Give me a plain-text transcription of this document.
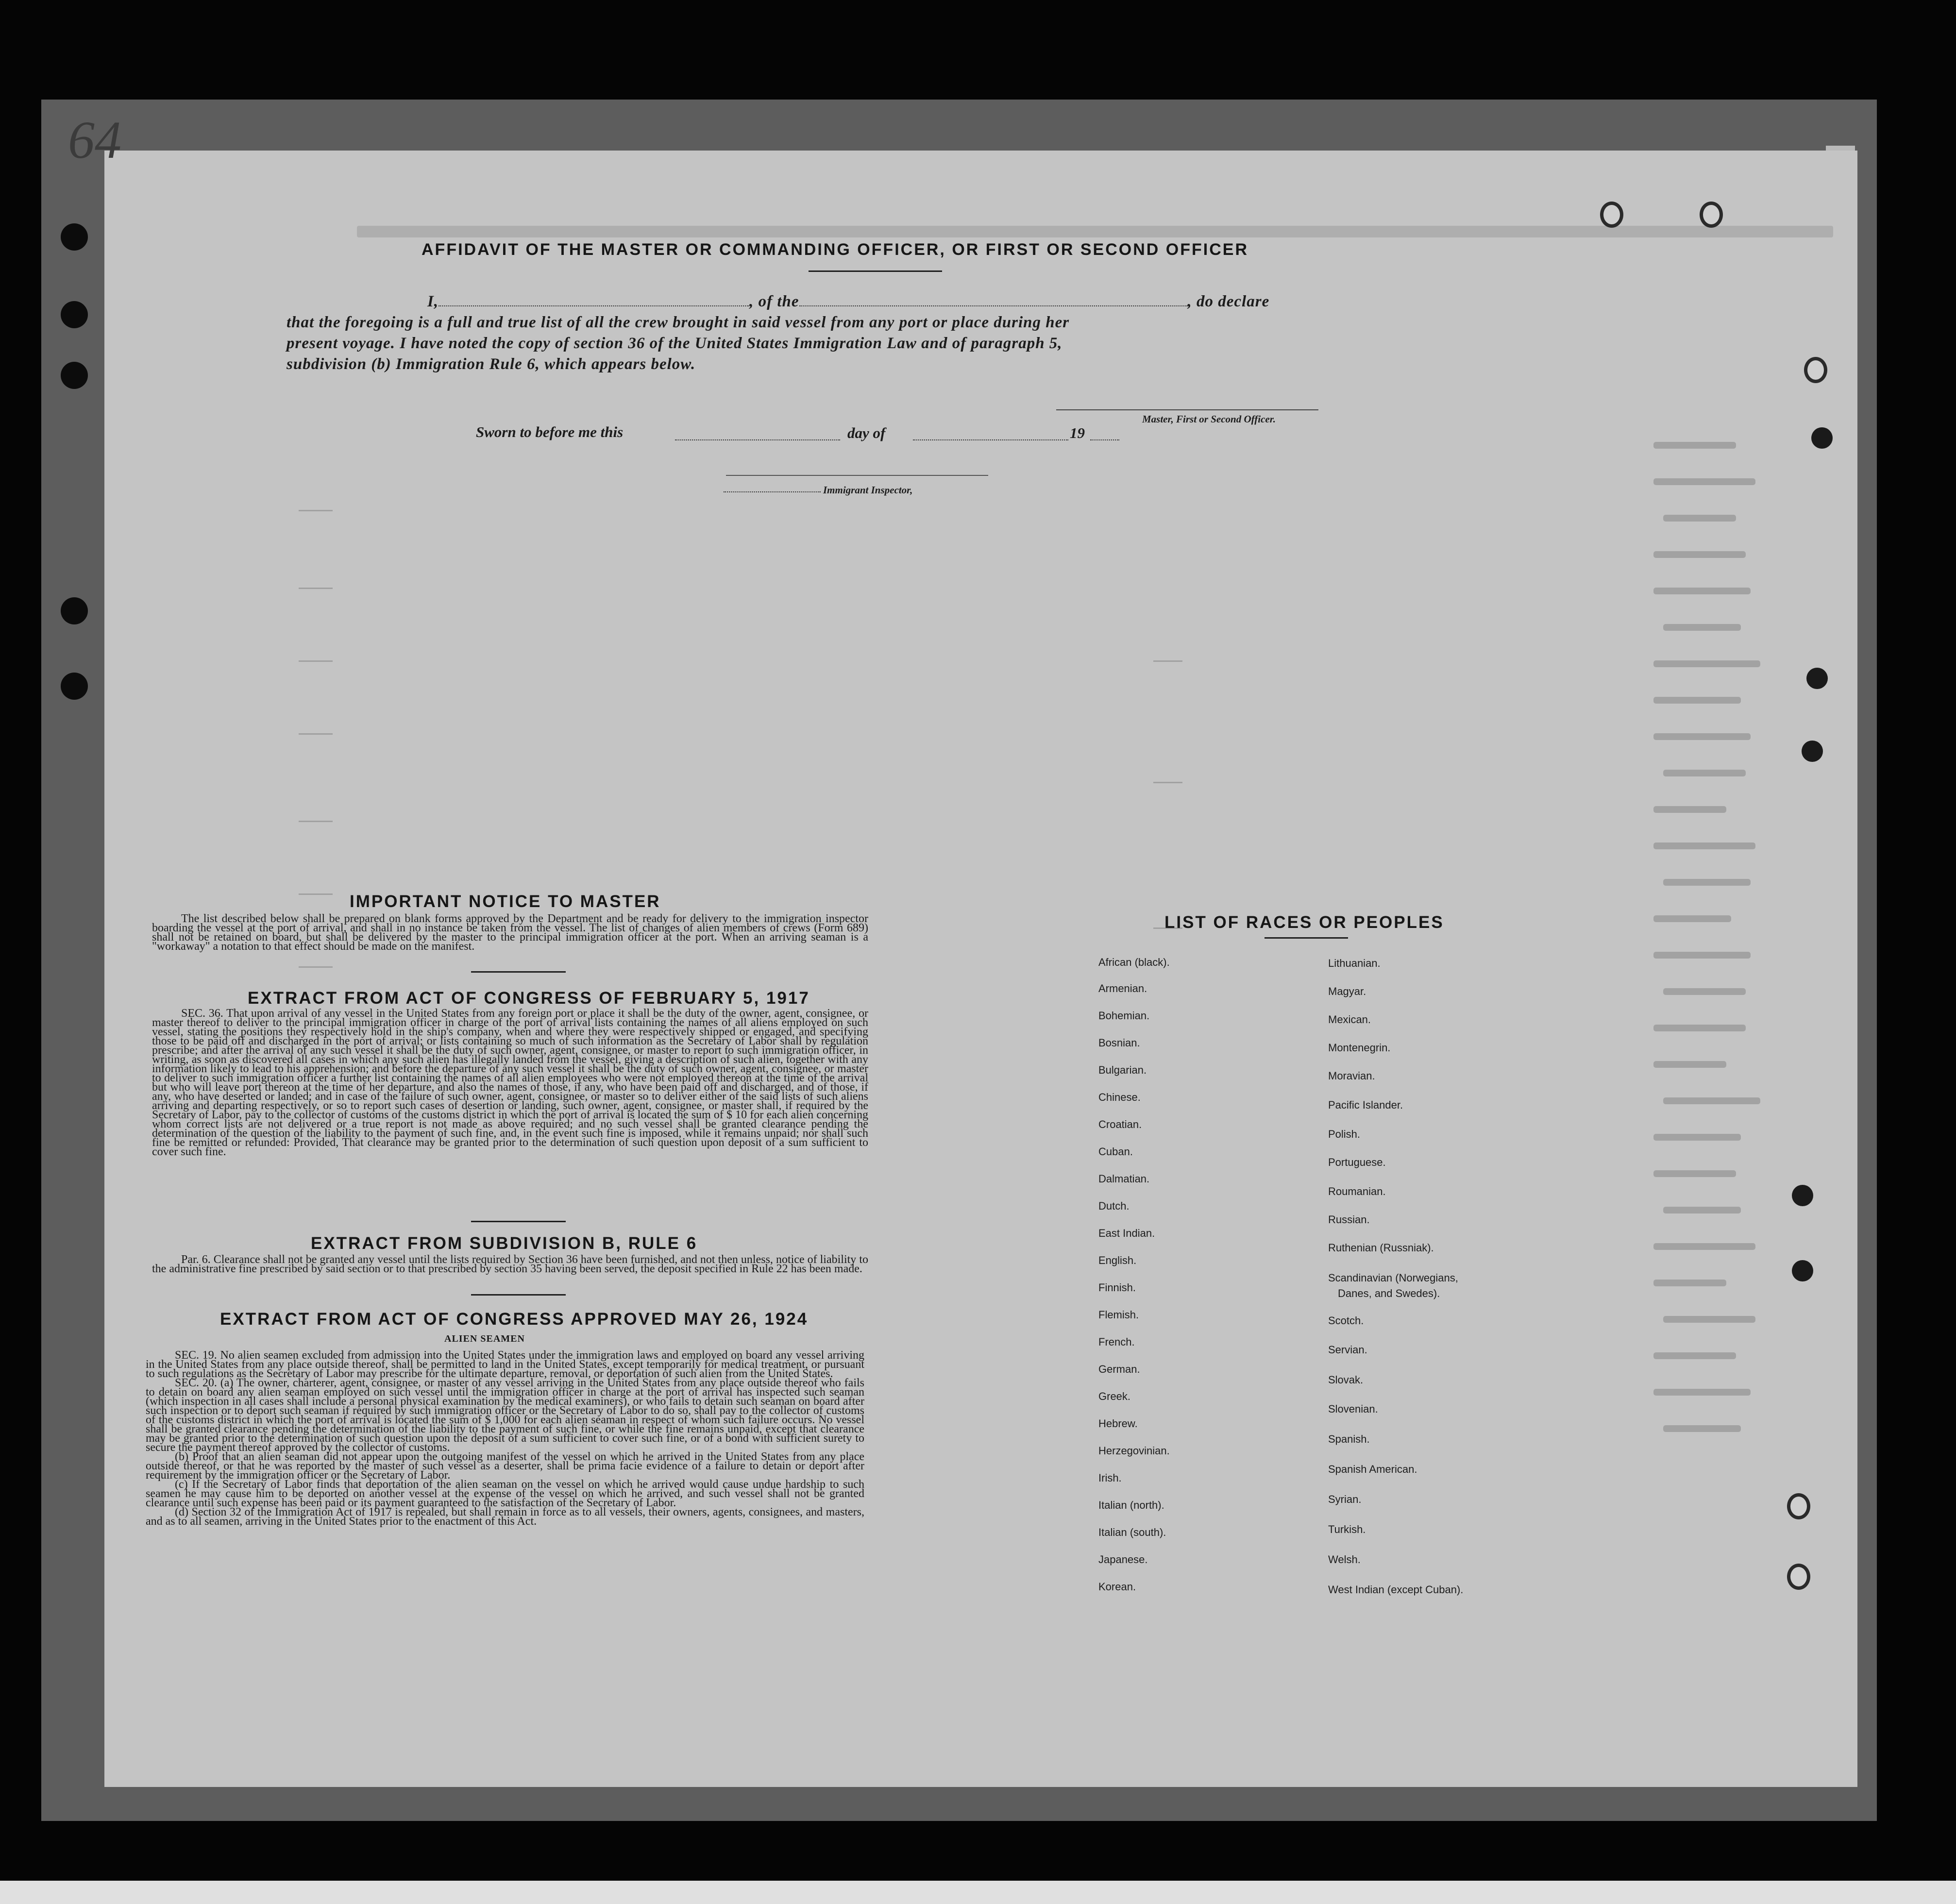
64
AFFIDAVIT OF THE MASTER OR COMMANDING OFFICER, OR FIRST OR SECOND OFFICER
I,	, of the	, do declare
that the foregoing is a full and true list of all the crew brought in said vessel from any port or place during her
present voyage. I have noted the copy of section 36 of the United States Immigration Law and of paragraph 5,
subdivision (b) Immigration Rule 6, which appears below.
Master, First or Second Officer.
Sworn to before me this	day of	19
Immigrant Inspector,
IMPORTANT NOTICE TO MASTER

The list described below shall be prepared on blank forms approved by the Department and be ready for delivery to the immigration inspector boarding the vessel at the port of arrival, and shall in no instance be taken from the vessel. The list of changes of alien members of crews (Form 689) shall not be retained on board, but shall be delivered by the master to the principal immigration officer at the port. When an arriving seaman is a "workaway" a notation to that effect should be made on the manifest.

EXTRACT FROM ACT OF CONGRESS OF FEBRUARY 5, 1917

SEC. 36. That upon arrival of any vessel in the United States from any foreign port or place it shall be the duty of the owner, agent, consignee, or master thereof to deliver to the principal immigration officer in charge of the port of arrival lists containing the names of all aliens employed on such vessel, stating the positions they respectively hold in the ship's company, when and where they were respectively shipped or engaged, and specifying those to be paid off and discharged in the port of arrival; or lists containing so much of such information as the Secretary of Labor shall by regulation prescribe; and after the arrival of any such vessel it shall be the duty of such owner, agent, consignee, or master to report to such immigration officer, in writing, as soon as discovered all cases in which any such alien has illegally landed from the vessel, giving a description of such alien, together with any information likely to lead to his apprehension; and before the departure of any such vessel it shall be the duty of such owner, agent, consignee, or master to deliver to such immigration officer a further list containing the names of all alien employees who were not employed thereon at the time of the arrival but who will leave port thereon at the time of her departure, and also the names of those, if any, who have been paid off and discharged, and of those, if any, who have deserted or landed; and in case of the failure of such owner, agent, consignee, or master so to deliver either of the said lists of such aliens arriving and departing respectively, or so to report such cases of desertion or landing, such owner, agent, consignee, or master shall, if required by the Secretary of Labor, pay to the collector of customs of the customs district in which the port of arrival is located the sum of $ 10 for each alien concerning whom correct lists are not delivered or a true report is not made as above required; and no such vessel shall be granted clearance pending the determination of the question of the liability to the payment of such fine, and, in the event such fine is imposed, while it remains unpaid; nor shall such fine be remitted or refunded: Provided, That clearance may be granted prior to the determination of such question upon deposit of a sum sufficient to cover such fine.

EXTRACT FROM SUBDIVISION B, RULE 6

Par. 6. Clearance shall not be granted any vessel until the lists required by Section 36 have been furnished, and not then unless, notice of liability to the administrative fine prescribed by said section or to that prescribed by section 35 having been served, the deposit specified in Rule 22 has been made.

EXTRACT FROM ACT OF CONGRESS APPROVED MAY 26, 1924
ALIEN SEAMEN

SEC. 19. No alien seamen excluded from admission into the United States under the immigration laws and employed on board any vessel arriving in the United States from any place outside thereof, shall be permitted to land in the United States, except temporarily for medical treatment, or pursuant to such regulations as the Secretary of Labor may prescribe for the ultimate departure, removal, or deportation of such alien from the United States.

SEC. 20. (a) The owner, charterer, agent, consignee, or master of any vessel arriving in the United States from any place outside thereof who fails to detain on board any alien seaman employed on such vessel until the immigration officer in charge at the port of arrival has inspected such seaman (which inspection in all cases shall include a personal physical examination by the medical examiners), or who fails to detain such seaman on board after such inspection or to deport such seaman if required by such immigration officer or the Secretary of Labor to do so, shall pay to the collector of customs of the customs district in which the port of arrival is located the sum of $ 1,000 for each alien seaman in respect of whom such failure occurs. No vessel shall be granted clearance pending the determination of the liability to the payment of such fine, or while the fine remains unpaid, except that clearance may be granted prior to the determination of such question upon the deposit of a sum sufficient to cover such fine, or of a bond with sufficient surety to secure the payment thereof approved by the collector of customs.

(b) Proof that an alien seaman did not appear upon the outgoing manifest of the vessel on which he arrived in the United States from any place outside thereof, or that he was reported by the master of such vessel as a deserter, shall be prima facie evidence of a failure to detain or deport after requirement by the immigration officer or the Secretary of Labor.

(c) If the Secretary of Labor finds that deportation of the alien seaman on the vessel on which he arrived would cause undue hardship to such seamen he may cause him to be deported on another vessel at the expense of the vessel on which he arrived, and such vessel shall not be granted clearance until such expense has been paid or its payment guaranteed to the satisfaction of the Secretary of Labor.

(d) Section 32 of the Immigration Act of 1917 is repealed, but shall remain in force as to all vessels, their owners, agents, consignees, and masters, and as to all seamen, arriving in the United States prior to the enactment of this Act.

LIST OF RACES OR PEOPLES
African (black).
Armenian.
Bohemian.
Bosnian.
Bulgarian.
Chinese.
Croatian.
Cuban.
Dalmatian.
Dutch.
East Indian.
English.
Finnish.
Flemish.
French.
German.
Greek.
Hebrew.
Herzegovinian.
Irish.
Italian (north).
Italian (south).
Japanese.
Korean.
Lithuanian.
Magyar.
Mexican.
Montenegrin.
Moravian.
Pacific Islander.
Polish.
Portuguese.
Roumanian.
Russian.
Ruthenian (Russniak).
Scandinavian (Norwegians,
Danes, and Swedes).
Scotch.
Servian.
Slovak.
Slovenian.
Spanish.
Spanish American.
Syrian.
Turkish.
Welsh.
West Indian (except Cuban).
